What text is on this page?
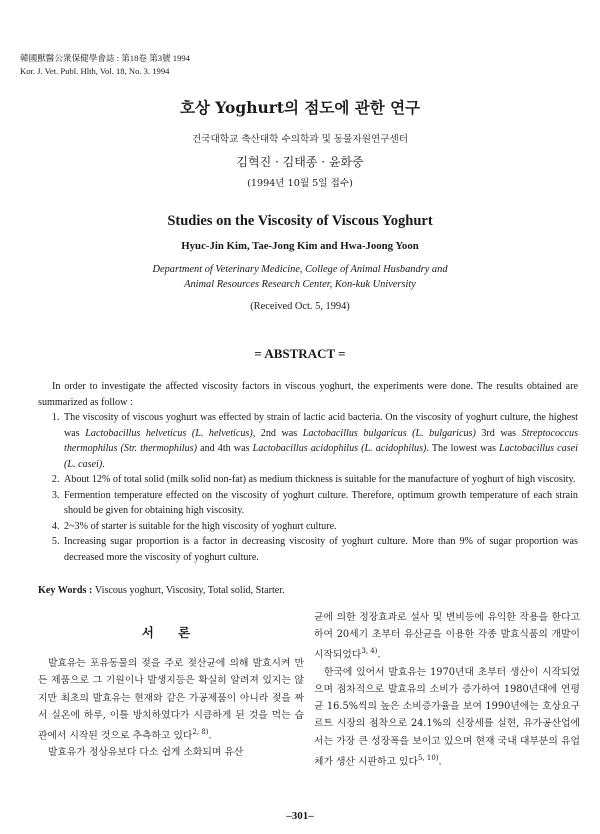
韓國獸醫公衆保健學會誌 : 第18卷 第3號 1994
Kor. J. Vet. Publ. Hlth, Vol. 18, No. 3. 1994
호상 Yoghurt의 점도에 관한 연구
건국대학교 축산대학 수의학과 및 동물자원연구센터
김혁진 · 김태종 · 윤화중
(1994년 10월 5일 접수)
Studies on the Viscosity of Viscous Yoghurt
Hyuc-Jin Kim, Tae-Jong Kim and Hwa-Joong Yoon
Department of Veterinary Medicine, College of Animal Husbandry and
Animal Resources Research Center, Kon-kuk University
(Received Oct. 5, 1994)
= ABSTRACT =

In order to investigate the affected viscosity factors in viscous yoghurt, the experiments were done. The results obtained are summarized as follow :

1. The viscosity of viscous yoghurt was effected by strain of lactic acid bacteria. On the viscosity of yoghurt culture, the highest was Lactobacillus helveticus (L. helveticus), 2nd was Lactobacillus bulgaricus (L. bulgaricus) 3rd was Streptococcus thermophilus (Str. thermophilus) and 4th was Lactobacillus acidophilus (L. acidophilus). The lowest was Lactobacillus casei (L. casei).
2. About 12% of total solid (milk solid non-fat) as medium thickness is suitable for the manufacture of yoghurt of high viscosity.
3. Fermention temperature effected on the viscosity of yoghurt culture. Therefore, optimum growth temperature of each strain should be given for obtaining high viscosity.
4. 2~3% of starter is suitable for the high viscosity of yoghurt culture.
5. Increasing sugar proportion is a factor in decreasing viscosity of yoghurt culture. More than 9% of sugar proportion was decreased more the viscosity of yoghurt culture.
Key Words : Viscous yoghurt, Viscosity, Total solid, Starter.
서 론

발효유는 포유동물의 젖을 주로 젖산균에 의해 발효시켜 만든 제품으로 그 기원이나 발생지등은 확실히 알려져 있지는 않지만 최초의 발효유는 현재와 같은 가공제품이 아니라 젖을 짜서 실온에 하루, 이틀 방치하였다가 시큼하게 된 것을 먹는 습관에서 시작된 것으로 추측하고 있다$^{2, 8)}$.

발효유가 정상유보다 다소 쉽게 소화되며 유산

균에 의한 정장효과로 설사 및 변비등에 유익한 작용을 한다고 하여 20세기 초부터 유산균을 이용한 각종 발효식품의 개발이 시작되었다$^{3, 4)}$.

한국에 있어서 발효유는 1970년대 초부터 생산이 시작되었으며 점차적으로 발효유의 소비가 증가하여 1980년대에 연평균 16.5%씩의 높은 소비증가율을 보여 1990년에는 호상요구르트 시장의 점착으로 24.1%의 신장세를 실현, 유가공산업에서는 가장 큰 성장폭을 보이고 있으며 현재 국내 대부분의 유업체가 생산 시판하고 있다$^{5, 10)}$.

–301–
